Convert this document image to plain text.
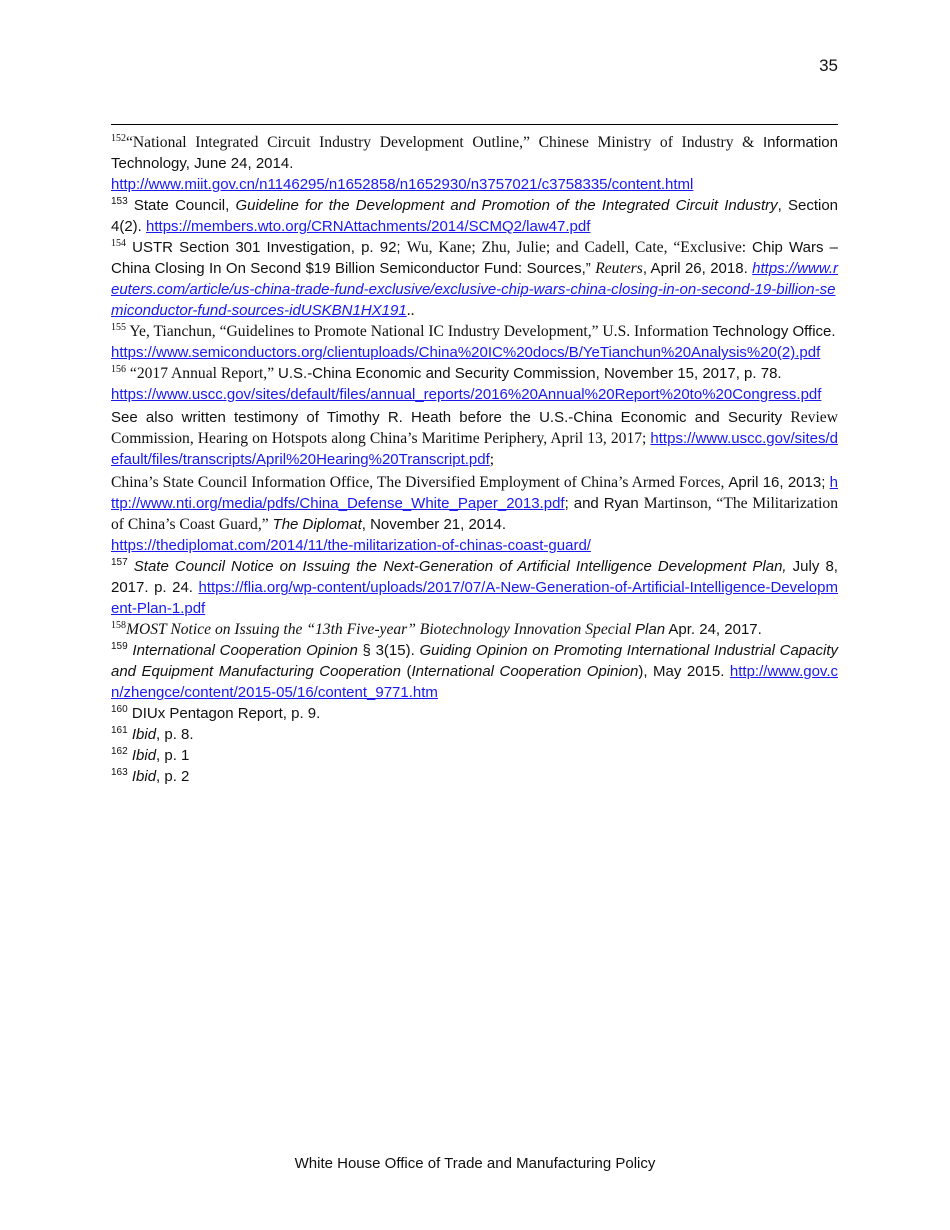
35

$^{152}$“National Integrated Circuit Industry Development Outline,” Chinese Ministry of Industry & Information Technology, June 24, 2014.
http://www.miit.gov.cn/n1146295/n1652858/n1652930/n3757021/c3758335/content.html

$^{153}$ State Council, Guideline for the Development and Promotion of the Integrated Circuit Industry, Section 4(2). https://members.wto.org/CRNAttachments/2014/SCMQ2/law47.pdf

$^{154}$ USTR Section 301 Investigation, p. 92; Wu, Kane; Zhu, Julie; and Cadell, Cate, “Exclusive: Chip Wars – China Closing In On Second $19 Billion Semiconductor Fund: Sources,” Reuters, April 26, 2018. https://www.reuters.com/article/us-china-trade-fund-exclusive/exclusive-chip-wars-china-closing-in-on-second-19-billion-semiconductor-fund-sources-idUSKBN1HX191..

$^{155}$ Ye, Tianchun, “Guidelines to Promote National IC Industry Development,” U.S. Information Technology Office.
https://www.semiconductors.org/clientuploads/China%20IC%20docs/B/YeTianchun%20Analysis%20(2).pdf

$^{156}$ “2017 Annual Report,” U.S.-China Economic and Security Commission, November 15, 2017, p. 78.
https://www.uscc.gov/sites/default/files/annual_reports/2016%20Annual%20Report%20to%20Congress.pdf

See also written testimony of Timothy R. Heath before the U.S.-China Economic and Security Review Commission, Hearing on Hotspots along China’s Maritime Periphery, April 13, 2017; https://www.uscc.gov/sites/default/files/transcripts/April%20Hearing%20Transcript.pdf;

China’s State Council Information Office, The Diversified Employment of China’s Armed Forces, April 16, 2013; http://www.nti.org/media/pdfs/China_Defense_White_Paper_2013.pdf; and Ryan Martinson, “The Militarization of China’s Coast Guard,” The Diplomat, November 21, 2014.
https://thediplomat.com/2014/11/the-militarization-of-chinas-coast-guard/

$^{157}$ State Council Notice on Issuing the Next-Generation of Artificial Intelligence Development Plan, July 8, 2017. p. 24. https://flia.org/wp-content/uploads/2017/07/A-New-Generation-of-Artificial-Intelligence-Development-Plan-1.pdf

$^{158}$MOST Notice on Issuing the “13th Five-year” Biotechnology Innovation Special Plan Apr. 24, 2017.

$^{159}$ International Cooperation Opinion § 3(15). Guiding Opinion on Promoting International Industrial Capacity and Equipment Manufacturing Cooperation (International Cooperation Opinion), May 2015. http://www.gov.cn/zhengce/content/2015-05/16/content_9771.htm

$^{160}$ DIUx Pentagon Report, p. 9.

$^{161}$ Ibid, p. 8.

$^{162}$ Ibid, p. 1

$^{163}$ Ibid, p. 2

White House Office of Trade and Manufacturing Policy
